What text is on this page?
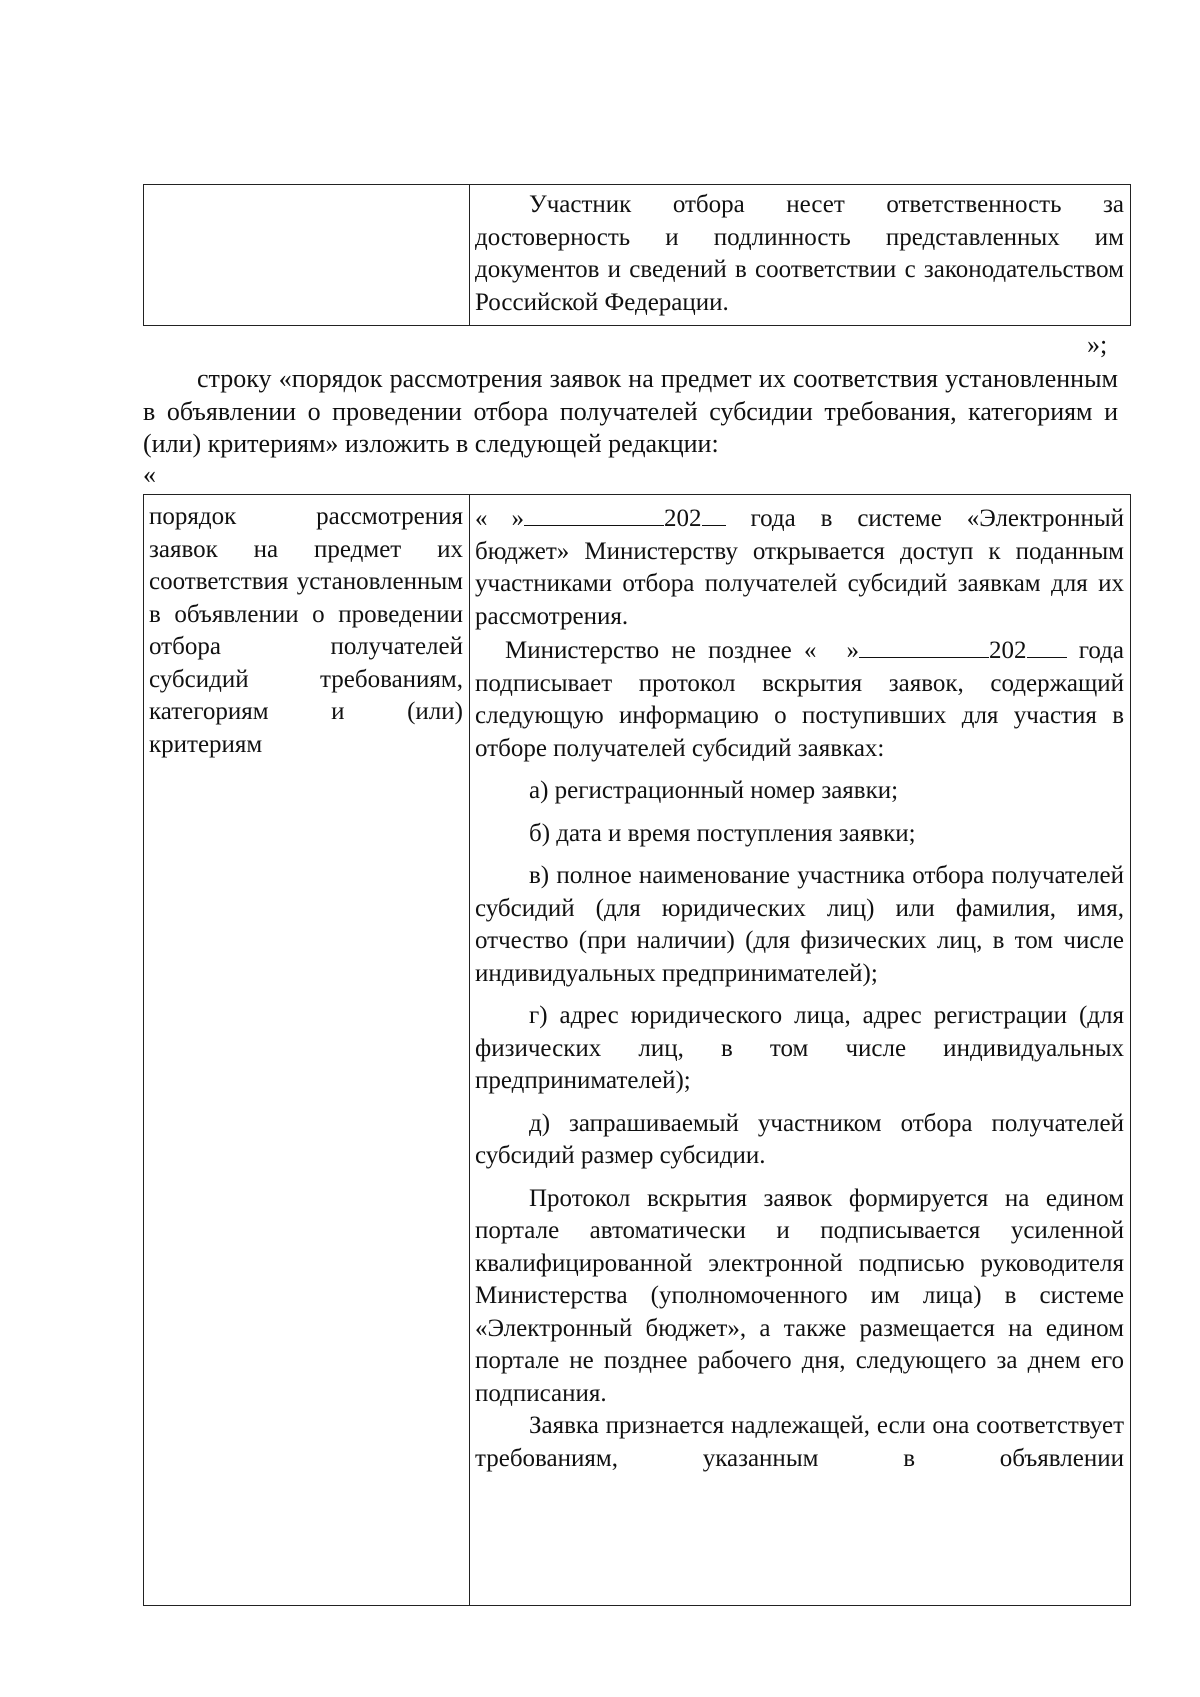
Участник отбора несет ответственность за достоверность и подлинность представленных им документов и сведений в соответствии с законодательством Российской Федерации.

»;

строку «порядок рассмотрения заявок на предмет их соответствия установленным в объявлении о проведении отбора получателей субсидии требования, категориям и (или) критериям» изложить в следующей редакции:

«

порядок рассмотрения заявок на предмет их соответствия установленным в объявлении о проведении отбора получателей субсидий требованиям, категориям и (или) критериям

« »	202 года в системе «Электронный бюджет» Министерству открывается доступ к поданным участниками отбора получателей субсидий заявкам для их рассмотрения.

Министерство не позднее « »	202 года подписывает протокол вскрытия заявок, содержащий следующую информацию о поступивших для участия в отборе получателей субсидий заявках:

а) регистрационный номер заявки;

б) дата и время поступления заявки;

в) полное наименование участника отбора получателей субсидий (для юридических лиц) или фамилия, имя, отчество (при наличии) (для физических лиц, в том числе индивидуальных предпринимателей);

г) адрес юридического лица, адрес регистрации (для физических лиц, в том числе индивидуальных предпринимателей);

д) запрашиваемый участником отбора получателей субсидий размер субсидии.

Протокол вскрытия заявок формируется на едином портале автоматически и подписывается усиленной квалифицированной электронной подписью руководителя Министерства (уполномоченного им лица) в системе «Электронный бюджет», а также размещается на едином портале не позднее рабочего дня, следующего за днем его подписания.

Заявка признается надлежащей, если она соответствует требованиям, указанным в объявлении
